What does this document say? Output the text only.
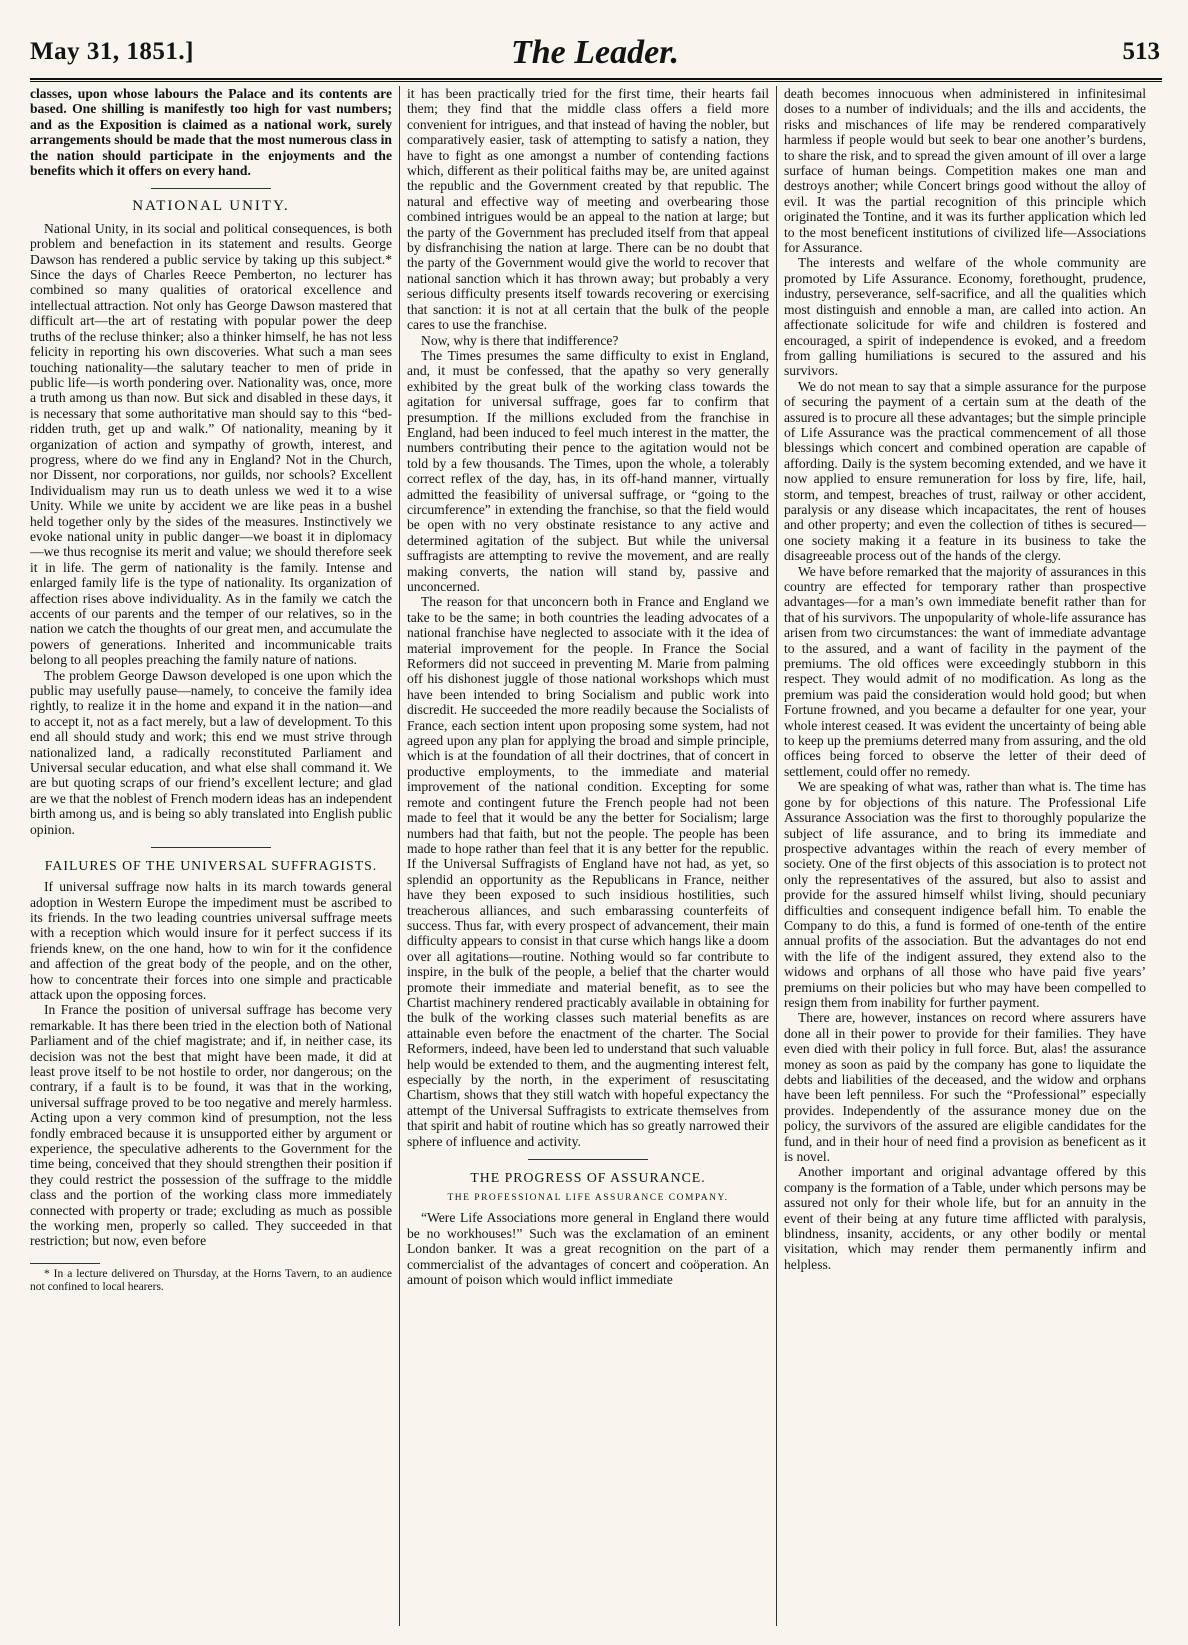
May 31, 1851.]	The Leader.	513

classes, upon whose labours the Palace and its contents are based. One shilling is manifestly too high for vast numbers; and as the Exposition is claimed as a national work, surely arrangements should be made that the most numerous class in the nation should participate in the enjoyments and the benefits which it offers on every hand.

NATIONAL UNITY.

National Unity, in its social and political consequences, is both problem and benefaction in its statement and results. George Dawson has rendered a public service by taking up this subject.* Since the days of Charles Reece Pemberton, no lecturer has combined so many qualities of oratorical excellence and intellectual attraction. Not only has George Dawson mastered that difficult art—the art of restating with popular power the deep truths of the recluse thinker; also a thinker himself, he has not less felicity in reporting his own discoveries. What such a man sees touching nationality—the salutary teacher to men of pride in public life—is worth pondering over. Nationality was, once, more a truth among us than now. But sick and disabled in these days, it is necessary that some authoritative man should say to this “bed-ridden truth, get up and walk.” Of nationality, meaning by it organization of action and sympathy of growth, interest, and progress, where do we find any in England? Not in the Church, nor Dissent, nor corporations, nor guilds, nor schools? Excellent Individualism may run us to death unless we wed it to a wise Unity. While we unite by accident we are like peas in a bushel held together only by the sides of the measures. Instinctively we evoke national unity in public danger—we boast it in diplomacy—we thus recognise its merit and value; we should therefore seek it in life. The germ of nationality is the family. Intense and enlarged family life is the type of nationality. Its organization of affection rises above individuality. As in the family we catch the accents of our parents and the temper of our relatives, so in the nation we catch the thoughts of our great men, and accumulate the powers of generations. Inherited and incommunicable traits belong to all peoples preaching the family nature of nations.

The problem George Dawson developed is one upon which the public may usefully pause—namely, to conceive the family idea rightly, to realize it in the home and expand it in the nation—and to accept it, not as a fact merely, but a law of development. To this end all should study and work; this end we must strive through nationalized land, a radically reconstituted Parliament and Universal secular education, and what else shall command it. We are but quoting scraps of our friend’s excellent lecture; and glad are we that the noblest of French modern ideas has an independent birth among us, and is being so ably translated into English public opinion.

FAILURES OF THE UNIVERSAL SUFFRAGISTS.

If universal suffrage now halts in its march towards general adoption in Western Europe the impediment must be ascribed to its friends. In the two leading countries universal suffrage meets with a reception which would insure for it perfect success if its friends knew, on the one hand, how to win for it the confidence and affection of the great body of the people, and on the other, how to concentrate their forces into one simple and practicable attack upon the opposing forces.

In France the position of universal suffrage has become very remarkable. It has there been tried in the election both of National Parliament and of the chief magistrate; and if, in neither case, its decision was not the best that might have been made, it did at least prove itself to be not hostile to order, nor dangerous; on the contrary, if a fault is to be found, it was that in the working, universal suffrage proved to be too negative and merely harmless. Acting upon a very common kind of presumption, not the less fondly embraced because it is unsupported either by argument or experience, the speculative adherents to the Government for the time being, conceived that they should strengthen their position if they could restrict the possession of the suffrage to the middle class and the portion of the working class more immediately connected with property or trade; excluding as much as possible the working men, properly so called. They succeeded in that restriction; but now, even before

* In a lecture delivered on Thursday, at the Horns Tavern, to an audience not confined to local hearers.

it has been practically tried for the first time, their hearts fail them; they find that the middle class offers a field more convenient for intrigues, and that instead of having the nobler, but comparatively easier, task of attempting to satisfy a nation, they have to fight as one amongst a number of contending factions which, different as their political faiths may be, are united against the republic and the Government created by that republic. The natural and effective way of meeting and overbearing those combined intrigues would be an appeal to the nation at large; but the party of the Government has precluded itself from that appeal by disfranchising the nation at large. There can be no doubt that the party of the Government would give the world to recover that national sanction which it has thrown away; but probably a very serious difficulty presents itself towards recovering or exercising that sanction: it is not at all certain that the bulk of the people cares to use the franchise.

Now, why is there that indifference?

The Times presumes the same difficulty to exist in England, and, it must be confessed, that the apathy so very generally exhibited by the great bulk of the working class towards the agitation for universal suffrage, goes far to confirm that presumption. If the millions excluded from the franchise in England, had been induced to feel much interest in the matter, the numbers contributing their pence to the agitation would not be told by a few thousands. The Times, upon the whole, a tolerably correct reflex of the day, has, in its off-hand manner, virtually admitted the feasibility of universal suffrage, or “going to the circumference” in extending the franchise, so that the field would be open with no very obstinate resistance to any active and determined agitation of the subject. But while the universal suffragists are attempting to revive the movement, and are really making converts, the nation will stand by, passive and unconcerned.

The reason for that unconcern both in France and England we take to be the same; in both countries the leading advocates of a national franchise have neglected to associate with it the idea of material improvement for the people. In France the Social Reformers did not succeed in preventing M. Marie from palming off his dishonest juggle of those national workshops which must have been intended to bring Socialism and public work into discredit. He succeeded the more readily because the Socialists of France, each section intent upon proposing some system, had not agreed upon any plan for applying the broad and simple principle, which is at the foundation of all their doctrines, that of concert in productive employments, to the immediate and material improvement of the national condition. Excepting for some remote and contingent future the French people had not been made to feel that it would be any the better for Socialism; large numbers had that faith, but not the people. The people has been made to hope rather than feel that it is any better for the republic. If the Universal Suffragists of England have not had, as yet, so splendid an opportunity as the Republicans in France, neither have they been exposed to such insidious hostilities, such treacherous alliances, and such embarassing counterfeits of success. Thus far, with every prospect of advancement, their main difficulty appears to consist in that curse which hangs like a doom over all agitations—routine. Nothing would so far contribute to inspire, in the bulk of the people, a belief that the charter would promote their immediate and material benefit, as to see the Chartist machinery rendered practicably available in obtaining for the bulk of the working classes such material benefits as are attainable even before the enactment of the charter. The Social Reformers, indeed, have been led to understand that such valuable help would be extended to them, and the augmenting interest felt, especially by the north, in the experiment of resuscitating Chartism, shows that they still watch with hopeful expectancy the attempt of the Universal Suffragists to extricate themselves from that spirit and habit of routine which has so greatly narrowed their sphere of influence and activity.

THE PROGRESS OF ASSURANCE.
THE PROFESSIONAL LIFE ASSURANCE COMPANY.

“Were Life Associations more general in England there would be no workhouses!” Such was the exclamation of an eminent London banker. It was a great recognition on the part of a commercialist of the advantages of concert and coöperation. An amount of poison which would inflict immediate

death becomes innocuous when administered in infinitesimal doses to a number of individuals; and the ills and accidents, the risks and mischances of life may be rendered comparatively harmless if people would but seek to bear one another’s burdens, to share the risk, and to spread the given amount of ill over a large surface of human beings. Competition makes one man and destroys another; while Concert brings good without the alloy of evil. It was the partial recognition of this principle which originated the Tontine, and it was its further application which led to the most beneficent institutions of civilized life—Associations for Assurance.

The interests and welfare of the whole community are promoted by Life Assurance. Economy, forethought, prudence, industry, perseverance, self-sacrifice, and all the qualities which most distinguish and ennoble a man, are called into action. An affectionate solicitude for wife and children is fostered and encouraged, a spirit of independence is evoked, and a freedom from galling humiliations is secured to the assured and his survivors.

We do not mean to say that a simple assurance for the purpose of securing the payment of a certain sum at the death of the assured is to procure all these advantages; but the simple principle of Life Assurance was the practical commencement of all those blessings which concert and combined operation are capable of affording. Daily is the system becoming extended, and we have it now applied to ensure remuneration for loss by fire, life, hail, storm, and tempest, breaches of trust, railway or other accident, paralysis or any disease which incapacitates, the rent of houses and other property; and even the collection of tithes is secured—one society making it a feature in its business to take the disagreeable process out of the hands of the clergy.

We have before remarked that the majority of assurances in this country are effected for temporary rather than prospective advantages—for a man’s own immediate benefit rather than for that of his survivors. The unpopularity of whole-life assurance has arisen from two circumstances: the want of immediate advantage to the assured, and a want of facility in the payment of the premiums. The old offices were exceedingly stubborn in this respect. They would admit of no modification. As long as the premium was paid the consideration would hold good; but when Fortune frowned, and you became a defaulter for one year, your whole interest ceased. It was evident the uncertainty of being able to keep up the premiums deterred many from assuring, and the old offices being forced to observe the letter of their deed of settlement, could offer no remedy.

We are speaking of what was, rather than what is. The time has gone by for objections of this nature. The Professional Life Assurance Association was the first to thoroughly popularize the subject of life assurance, and to bring its immediate and prospective advantages within the reach of every member of society. One of the first objects of this association is to protect not only the representatives of the assured, but also to assist and provide for the assured himself whilst living, should pecuniary difficulties and consequent indigence befall him. To enable the Company to do this, a fund is formed of one-tenth of the entire annual profits of the association. But the advantages do not end with the life of the indigent assured, they extend also to the widows and orphans of all those who have paid five years’ premiums on their policies but who may have been compelled to resign them from inability for further payment.

There are, however, instances on record where assurers have done all in their power to provide for their families. They have even died with their policy in full force. But, alas! the assurance money as soon as paid by the company has gone to liquidate the debts and liabilities of the deceased, and the widow and orphans have been left penniless. For such the “Professional” especially provides. Independently of the assurance money due on the policy, the survivors of the assured are eligible candidates for the fund, and in their hour of need find a provision as beneficent as it is novel.

Another important and original advantage offered by this company is the formation of a Table, under which persons may be assured not only for their whole life, but for an annuity in the event of their being at any future time afflicted with paralysis, blindness, insanity, accidents, or any other bodily or mental visitation, which may render them permanently infirm and helpless.
